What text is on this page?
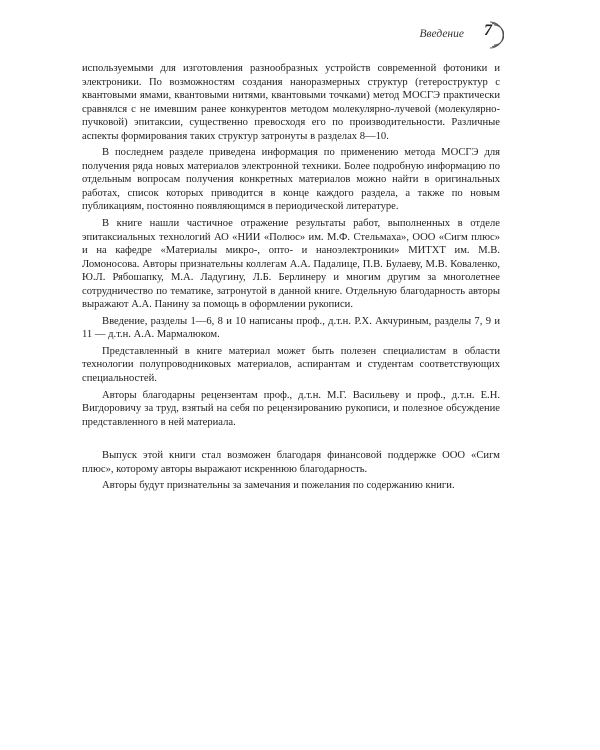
Введение 7

используемыми для изготовления разнообразных устройств современной фотоники и электроники. По возможностям создания наноразмерных структур (гетероструктур с квантовыми ямами, квантовыми нитями, квантовыми точками) метод МОСГЭ практически сравнялся с не имевшим ранее конкурентов методом молекулярно-лучевой (молекулярно-пучковой) эпитаксии, существенно превосходя его по производительности. Различные аспекты формирования таких структур затронуты в разделах 8—10.

В последнем разделе приведена информация по применению метода МОСГЭ для получения ряда новых материалов электронной техники. Более подробную информацию по отдельным вопросам получения конкретных материалов можно найти в оригинальных работах, список которых приводится в конце каждого раздела, а также по новым публикациям, постоянно появляющимся в периодической литературе.

В книге нашли частичное отражение результаты работ, выполненных в отделе эпитаксиальных технологий АО «НИИ «Полюс» им. М.Ф. Стельмаха», ООО «Сигм плюс» и на кафедре «Материалы микро-, опто- и наноэлектроники» МИТХТ им. М.В. Ломоносова. Авторы признательны коллегам А.А. Падалице, П.В. Булаеву, М.В. Коваленко, Ю.Л. Рябошапку, М.А. Ладугину, Л.Б. Берлинеру и многим другим за многолетнее сотрудничество по тематике, затронутой в данной книге. Отдельную благодарность авторы выражают А.А. Панину за помощь в оформлении рукописи.

Введение, разделы 1—6, 8 и 10 написаны проф., д.т.н. Р.Х. Акчуриным, разделы 7, 9 и 11 — д.т.н. А.А. Мармалюком.

Представленный в книге материал может быть полезен специалистам в области технологии полупроводниковых материалов, аспирантам и студентам соответствующих специальностей.

Авторы благодарны рецензентам проф., д.т.н. М.Г. Васильеву и проф., д.т.н. Е.Н. Вигдоровичу за труд, взятый на себя по рецензированию рукописи, и полезное обсуждение представленного в ней материала.

Выпуск этой книги стал возможен благодаря финансовой поддержке ООО «Сигм плюс», которому авторы выражают искреннюю благодарность.

Авторы будут признательны за замечания и пожелания по содержанию книги.
